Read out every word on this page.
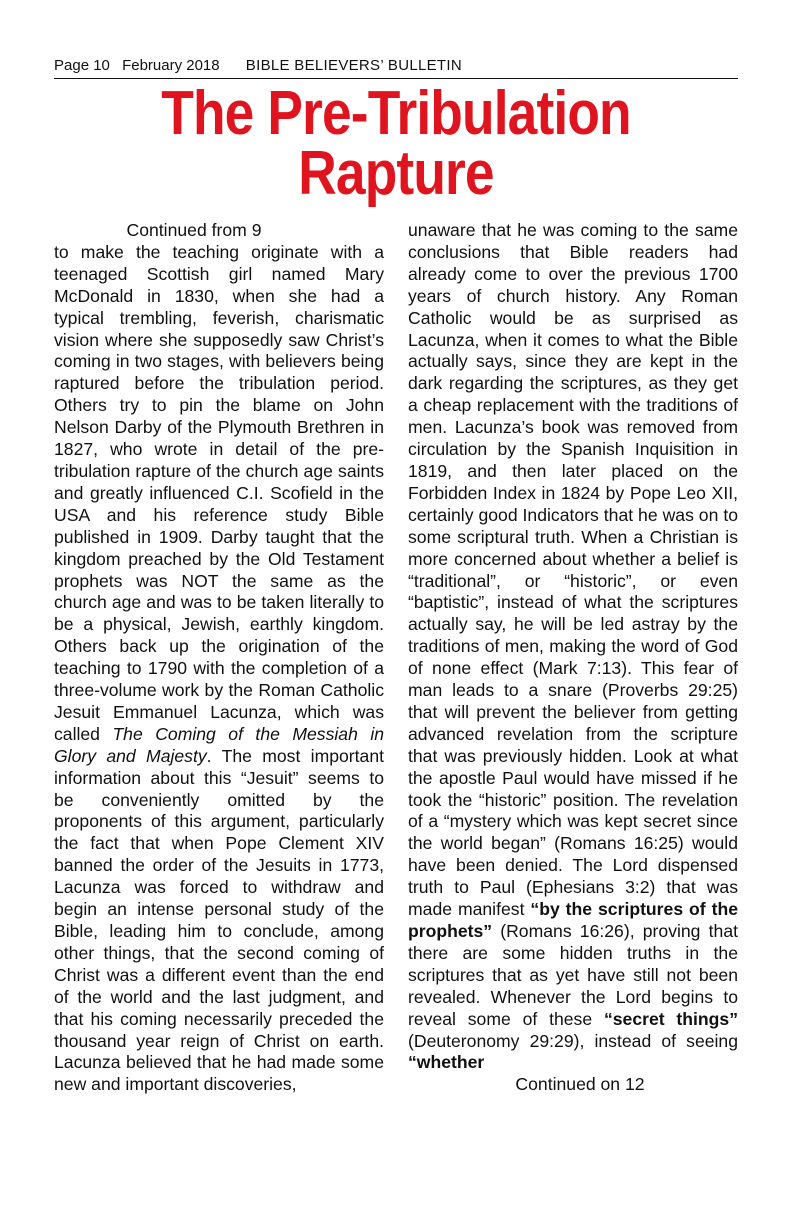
Page 10 February 2018 BIBLE BELIEVERS’ BULLETIN
The Pre-Tribulation
Rapture
Continued from 9

to make the teaching originate with a teenaged Scottish girl named Mary McDonald in 1830, when she had a typical trembling, feverish, charismatic vision where she supposedly saw Christ’s coming in two stages, with believers being raptured before the tribulation period. Others try to pin the blame on John Nelson Darby of the Plymouth Brethren in 1827, who wrote in detail of the pre-tribulation rapture of the church age saints and greatly influenced C.I. Scofield in the USA and his reference study Bible published in 1909. Darby taught that the kingdom preached by the Old Testament prophets was NOT the same as the church age and was to be taken literally to be a physical, Jewish, earthly kingdom. Others back up the origination of the teaching to 1790 with the completion of a three-volume work by the Roman Catholic Jesuit Emmanuel Lacunza, which was called The Coming of the Messiah in Glory and Majesty. The most important information about this “Jesuit” seems to be conveniently omitted by the proponents of this argument, particularly the fact that when Pope Clement XIV banned the order of the Jesuits in 1773, Lacunza was forced to withdraw and begin an intense personal study of the Bible, leading him to conclude, among other things, that the second coming of Christ was a different event than the end of the world and the last judgment, and that his coming necessarily preceded the thousand year reign of Christ on earth. Lacunza believed that he had made some new and important discoveries,

unaware that he was coming to the same conclusions that Bible readers had already come to over the previous 1700 years of church history. Any Roman Catholic would be as surprised as Lacunza, when it comes to what the Bible actually says, since they are kept in the dark regarding the scriptures, as they get a cheap replacement with the traditions of men. Lacunza’s book was removed from circulation by the Spanish Inquisition in 1819, and then later placed on the Forbidden Index in 1824 by Pope Leo XII, certainly good Indicators that he was on to some scriptural truth. When a Christian is more concerned about whether a belief is “traditional”, or “historic”, or even “baptistic”, instead of what the scriptures actually say, he will be led astray by the traditions of men, making the word of God of none effect (Mark 7:13). This fear of man leads to a snare (Proverbs 29:25) that will prevent the believer from getting advanced revelation from the scripture that was previously hidden. Look at what the apostle Paul would have missed if he took the “historic” position. The revelation of a “mystery which was kept secret since the world began” (Romans 16:25) would have been denied. The Lord dispensed truth to Paul (Ephesians 3:2) that was made manifest “by the scriptures of the prophets” (Romans 16:26), proving that there are some hidden truths in the scriptures that as yet have still not been revealed. Whenever the Lord begins to reveal some of these “secret things” (Deuteronomy 29:29), instead of seeing “whether

Continued on 12
